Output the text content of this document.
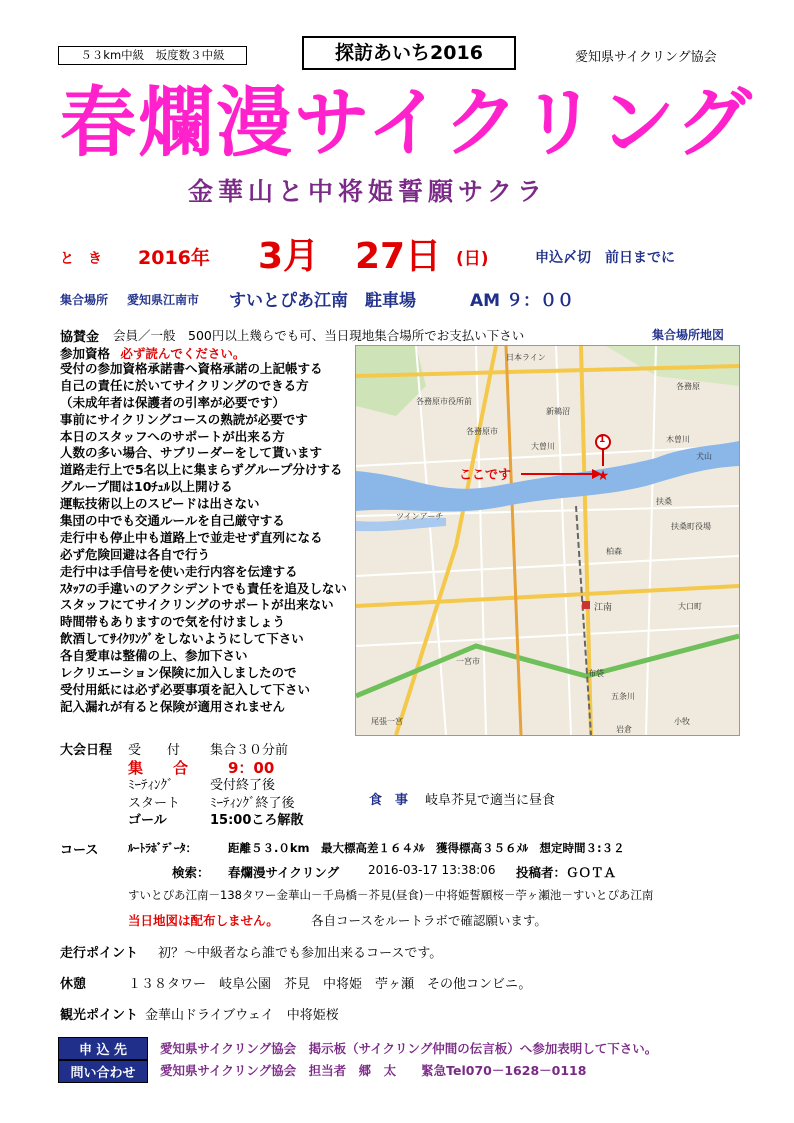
５３km中級　坂度数３中級	探訪あいち2016	愛知県サイクリング協会
春爛漫サイクリング
金華山と中将姫誓願サクラ
と　き 2016年 3月 27日 (日)	申込〆切　前日までに
集合場所 愛知県江南市 すいとぴあ江南　駐車場	AM ９：００
協賛金 会員／一般　500円以上幾らでも可、当日現地集合場所でお支払い下さい	集合場所地図
参加資格 必ず読んでください。
受付の参加資格承諾書へ資格承諾の上記帳する
自己の責任に於いてサイクリングのできる方
（未成年者は保護者の引率が必要です）
事前にサイクリングコースの熟読が必要です
本日のスタッフへのサポートが出来る方
人数の多い場合、サブリーダーをして貰います
道路走行上で5名以上に集まらずグループ分けする
グループ間は10ﾁｭﾙ以上開ける
運転技術以上のスピードは出さない
集団の中でも交通ルールを自己厳守する
走行中も停止中も道路上で並走せず直列になる
必ず危険回避は各自で行う
走行中は手信号を使い走行内容を伝達する
ｽﾀｯﾌの手違いのアクシデントでも責任を追及しない
スタッフにてサイクリングのサポートが出来ない
時間帯もありますので気を付けましょう
飲酒してｻｲｸﾘﾝｸﾞをしないようにして下さい
各自愛車は整備の上、参加下さい
レクリエーション保険に加入しましたので
受付用紙には必ず必要事項を記入して下さい
記入漏れが有ると保険が適用されません
★
1
ここです
日本ライン
各務原市役所前
各務原市
新鵜沼
各務原
犬山
大曽川
木曽川
扶桑
扶桑町役場
柏森
江南	大口町
一宮市
布袋
尾張一宮	小牧
五条川
岩倉
ツインアーチ
大会日程 受　　付 集合３０分前
集　　合	9：00
ﾐｰﾃｨﾝｸﾞ	受付終了後
スタート ﾐｰﾃｨﾝｸﾞ終了後
ゴール	15:00ころ解散
食　事 岐阜芥見で適当に昼食
コース	ﾙｰﾄﾗﾎﾞﾃﾞｰﾀ：	距離５３.０km　最大標高差１６４ﾒﾙ　獲得標高３５６ﾒﾙ　想定時間３:３２
検索： 春爛漫サイクリング 2016-03-17 13:38:06 投稿者：ＧＯＴＡ
すいとぴあ江南－138タワー金華山－千鳥橋－芥見(昼食)－中将姫誓願桜－苧ヶ瀬池－すいとぴあ江南
当日地図は配布しません。	各自コースをルートラボで確認願います。
走行ポイント 初？～中級者なら誰でも参加出来るコースです。
休憩	１３８タワー　岐阜公園　芥見　中将姫　苧ヶ瀬　その他コンビニ。
観光ポイント 金華山ドライブウェイ　中将姫桜
申 込 先	愛知県サイクリング協会　掲示板（サイクリング仲間の伝言板）へ参加表明して下さい。
問い合わせ	愛知県サイクリング協会　担当者　郷　太　　緊急Tel070－1628－0118
